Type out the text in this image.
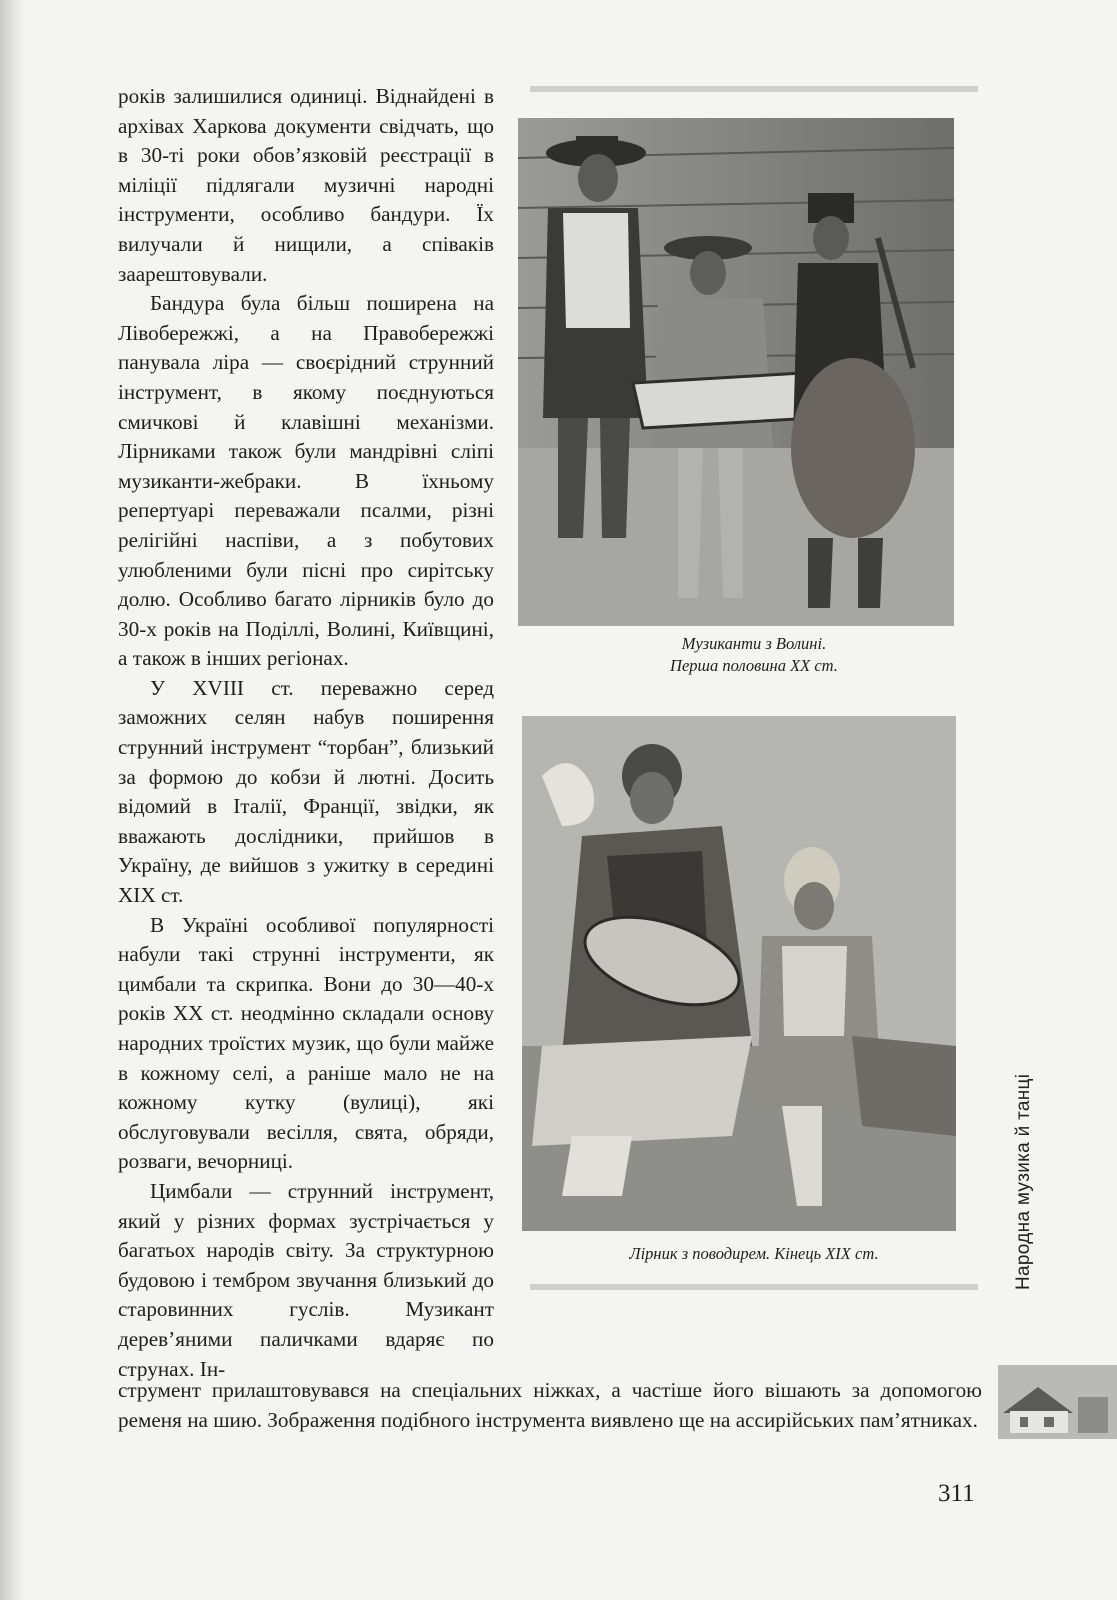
років залишилися одиниці. Віднайдені в архівах Харкова документи свідчать, що в 30-ті роки обов’язковій реєстрації в міліції підлягали музичні народні інструменти, особливо бандури. Їх вилучали й нищили, а співаків заарештовували.

Бандура була більш поширена на Лівобережжі, а на Правобережжі панувала ліра — своєрідний струнний інструмент, в якому поєднуються смичкові й клавішні механізми. Лірниками також були мандрівні сліпі музиканти-жебраки. В їхньому репертуарі переважали псалми, різні релігійні наспіви, а з побутових улюбленими були пісні про сирітську долю. Особливо багато лірників було до 30-х років на Поділлі, Волині, Київщині, а також в інших регіонах.

У XVIII ст. переважно серед заможних селян набув поширення струнний інструмент “торбан”, близький за формою до кобзи й лютні. Досить відомий в Італії, Франції, звідки, як вважають дослідники, прийшов в Україну, де вийшов з ужитку в середині XIX ст.

В Україні особливої популярності набули такі струнні інструменти, як цимбали та скрипка. Вони до 30—40-х років XX ст. неодмінно складали основу народних троїстих музик, що були майже в кожному селі, а раніше мало не на кожному кутку (вулиці), які обслуговували весілля, свята, обряди, розваги, вечорниці.

Цимбали — струнний інструмент, який у різних формах зустрічається у багатьох народів світу. За структурною будовою і тембром звучання близький до старовинних гуслів. Музикант дерев’яними паличками вдаряє по струнах. Ін-

Музиканти з Волині.
Перша половина XX ст.
Лірник з поводирем. Кінець XIX ст.

струмент прилаштовувався на спеціальних ніжках, а частіше його вішають за допомогою ременя на шию. Зображення подібного інструмента виявлено ще на ассирійських пам’ятниках.

Народна музика й танці
311
